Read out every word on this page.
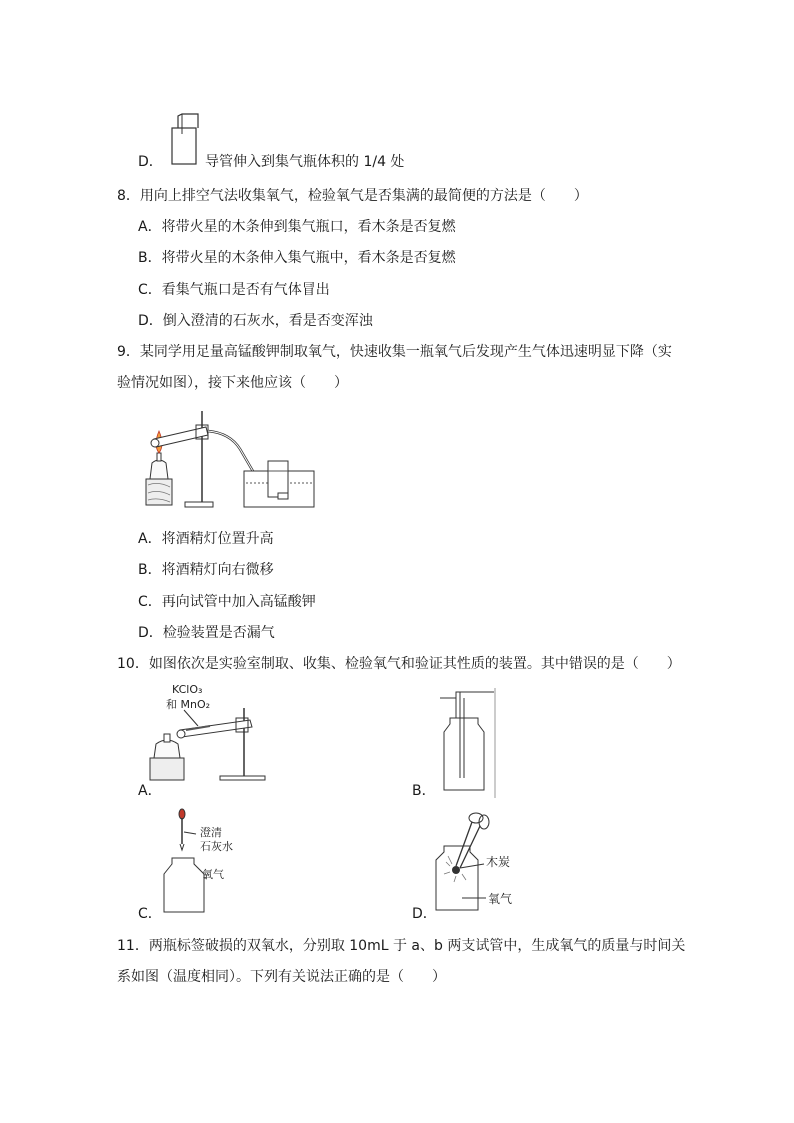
D．	导管伸入到集气瓶体积的 1/4 处
8．用向上排空气法收集氧气，检验氧气是否集满的最简便的方法是（　　）
A．将带火星的木条伸到集气瓶口，看木条是否复燃
B．将带火星的木条伸入集气瓶中，看木条是否复燃
C．看集气瓶口是否有气体冒出
D．倒入澄清的石灰水，看是否变浑浊
9．某同学用足量高锰酸钾制取氧气，快速收集一瓶氧气后发现产生气体迅速明显下降（实
验情况如图），接下来他应该（　　）
A．将酒精灯位置升高
B．将酒精灯向右微移
C．再向试管中加入高锰酸钾
D．检验装置是否漏气
10．如图依次是实验室制取、收集、检验氧气和验证其性质的装置。其中错误的是（　　）
KClO₃
和 MnO₂
A．	B．
澄清
石灰水
氧气
C．
木炭
氧气
D．
11．两瓶标签破损的双氧水，分别取 10mL 于 a、b 两支试管中，生成氧气的质量与时间关
系如图（温度相同）。下列有关说法正确的是（　　）
